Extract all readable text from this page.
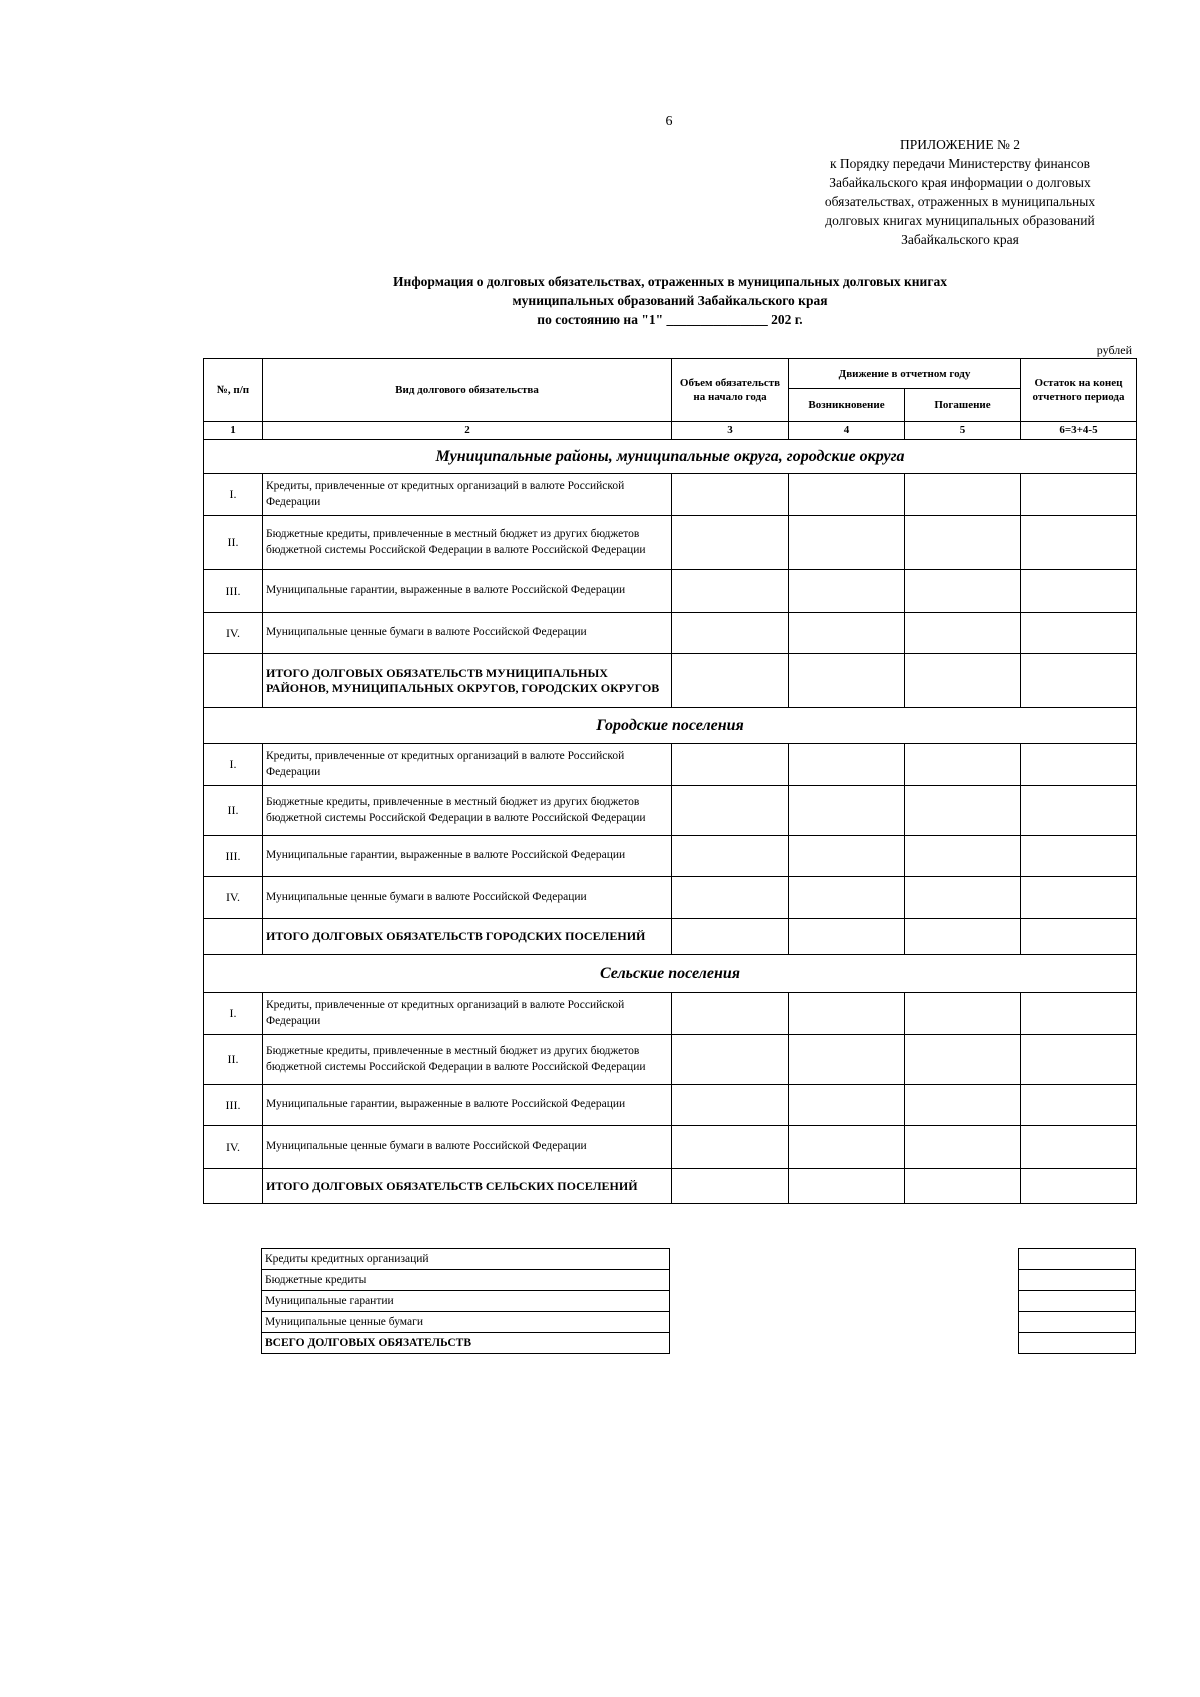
6
ПРИЛОЖЕНИЕ № 2
к Порядку передачи Министерству финансов
Забайкальского края информации о долговых
обязательствах, отраженных в муниципальных
долговых книгах муниципальных образований
Забайкальского края
Информация о долговых обязательствах, отраженных в муниципальных долговых книгах
муниципальных образований Забайкальского края
по состоянию на "1" _______________ 202 г.
рублей
№, п/п	Вид долгового обязательства	Объем обязательств на начало года	Движение в отчетном году		Остаток на конец отчетного периода
			Возникновение	Погашение	
1	2	3	4	5	6=3+4-5
Муниципальные районы, муниципальные округа, городские округа					
I.	Кредиты, привлеченные от кредитных организаций в валюте Российской Федерации				
II.	Бюджетные кредиты, привлеченные в местный бюджет из других бюджетов бюджетной системы Российской Федерации в валюте Российской Федерации				
III.	Муниципальные гарантии, выраженные в валюте Российской Федерации				
IV.	Муниципальные ценные бумаги в валюте Российской Федерации				
	ИТОГО ДОЛГОВЫХ ОБЯЗАТЕЛЬСТВ МУНИЦИПАЛЬНЫХ РАЙОНОВ, МУНИЦИПАЛЬНЫХ ОКРУГОВ, ГОРОДСКИХ ОКРУГОВ				
Городские поселения					
I.	Кредиты, привлеченные от кредитных организаций в валюте Российской Федерации				
II.	Бюджетные кредиты, привлеченные в местный бюджет из других бюджетов бюджетной системы Российской Федерации в валюте Российской Федерации				
III.	Муниципальные гарантии, выраженные в валюте Российской Федерации				
IV.	Муниципальные ценные бумаги в валюте Российской Федерации				
	ИТОГО ДОЛГОВЫХ ОБЯЗАТЕЛЬСТВ ГОРОДСКИХ ПОСЕЛЕНИЙ				
Сельские поселения					
I.	Кредиты, привлеченные от кредитных организаций в валюте Российской Федерации				
II.	Бюджетные кредиты, привлеченные в местный бюджет из других бюджетов бюджетной системы Российской Федерации в валюте Российской Федерации				
III.	Муниципальные гарантии, выраженные в валюте Российской Федерации				
IV.	Муниципальные ценные бумаги в валюте Российской Федерации				
	ИТОГО ДОЛГОВЫХ ОБЯЗАТЕЛЬСТВ СЕЛЬСКИХ ПОСЕЛЕНИЙ				
Кредиты кредитных организаций
Бюджетные кредиты
Муниципальные гарантии
Муниципальные ценные бумаги
ВСЕГО ДОЛГОВЫХ ОБЯЗАТЕЛЬСТВ
